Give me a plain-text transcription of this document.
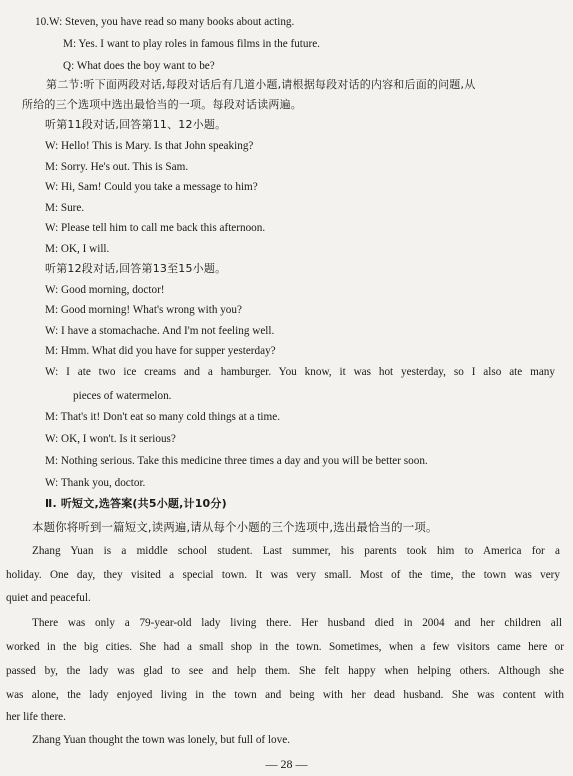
10.W: Steven, you have read so many books about acting.
M: Yes. I want to play roles in famous films in the future.
Q: What does the boy want to be?
第二节:听下面两段对话,每段对话后有几道小题,请根据每段对话的内容和后面的问题,从
所给的三个选项中选出最恰当的一项。每段对话读两遍。
听第11段对话,回答第11、12小题。
W: Hello! This is Mary. Is that John speaking?
M: Sorry. He's out. This is Sam.
W: Hi, Sam! Could you take a message to him?
M: Sure.
W: Please tell him to call me back this afternoon.
M: OK, I will.
听第12段对话,回答第13至15小题。
W: Good morning, doctor!
M: Good morning! What's wrong with you?
W: I have a stomachache. And I'm not feeling well.
M: Hmm. What did you have for supper yesterday?
W: I ate two ice creams and a hamburger. You know, it was hot yesterday, so I also ate many
pieces of watermelon.
M: That's it! Don't eat so many cold things at a time.
W: OK, I won't. Is it serious?
M: Nothing serious. Take this medicine three times a day and you will be better soon.
W: Thank you, doctor.
Ⅱ. 听短文,选答案(共5小题,计10分)
本题你将听到一篇短文,读两遍,请从每个小题的三个选项中,选出最恰当的一项。
Zhang Yuan is a middle school student. Last summer, his parents took him to America for a
holiday. One day, they visited a special town. It was very small. Most of the time, the town was very
quiet and peaceful.
There was only a 79-year-old lady living there. Her husband died in 2004 and her children all
worked in the big cities. She had a small shop in the town. Sometimes, when a few visitors came here or
passed by, the lady was glad to see and help them. She felt happy when helping others. Although she
was alone, the lady enjoyed living in the town and being with her dead husband. She was content with
her life there.
Zhang Yuan thought the town was lonely, but full of love.
— 28 —
